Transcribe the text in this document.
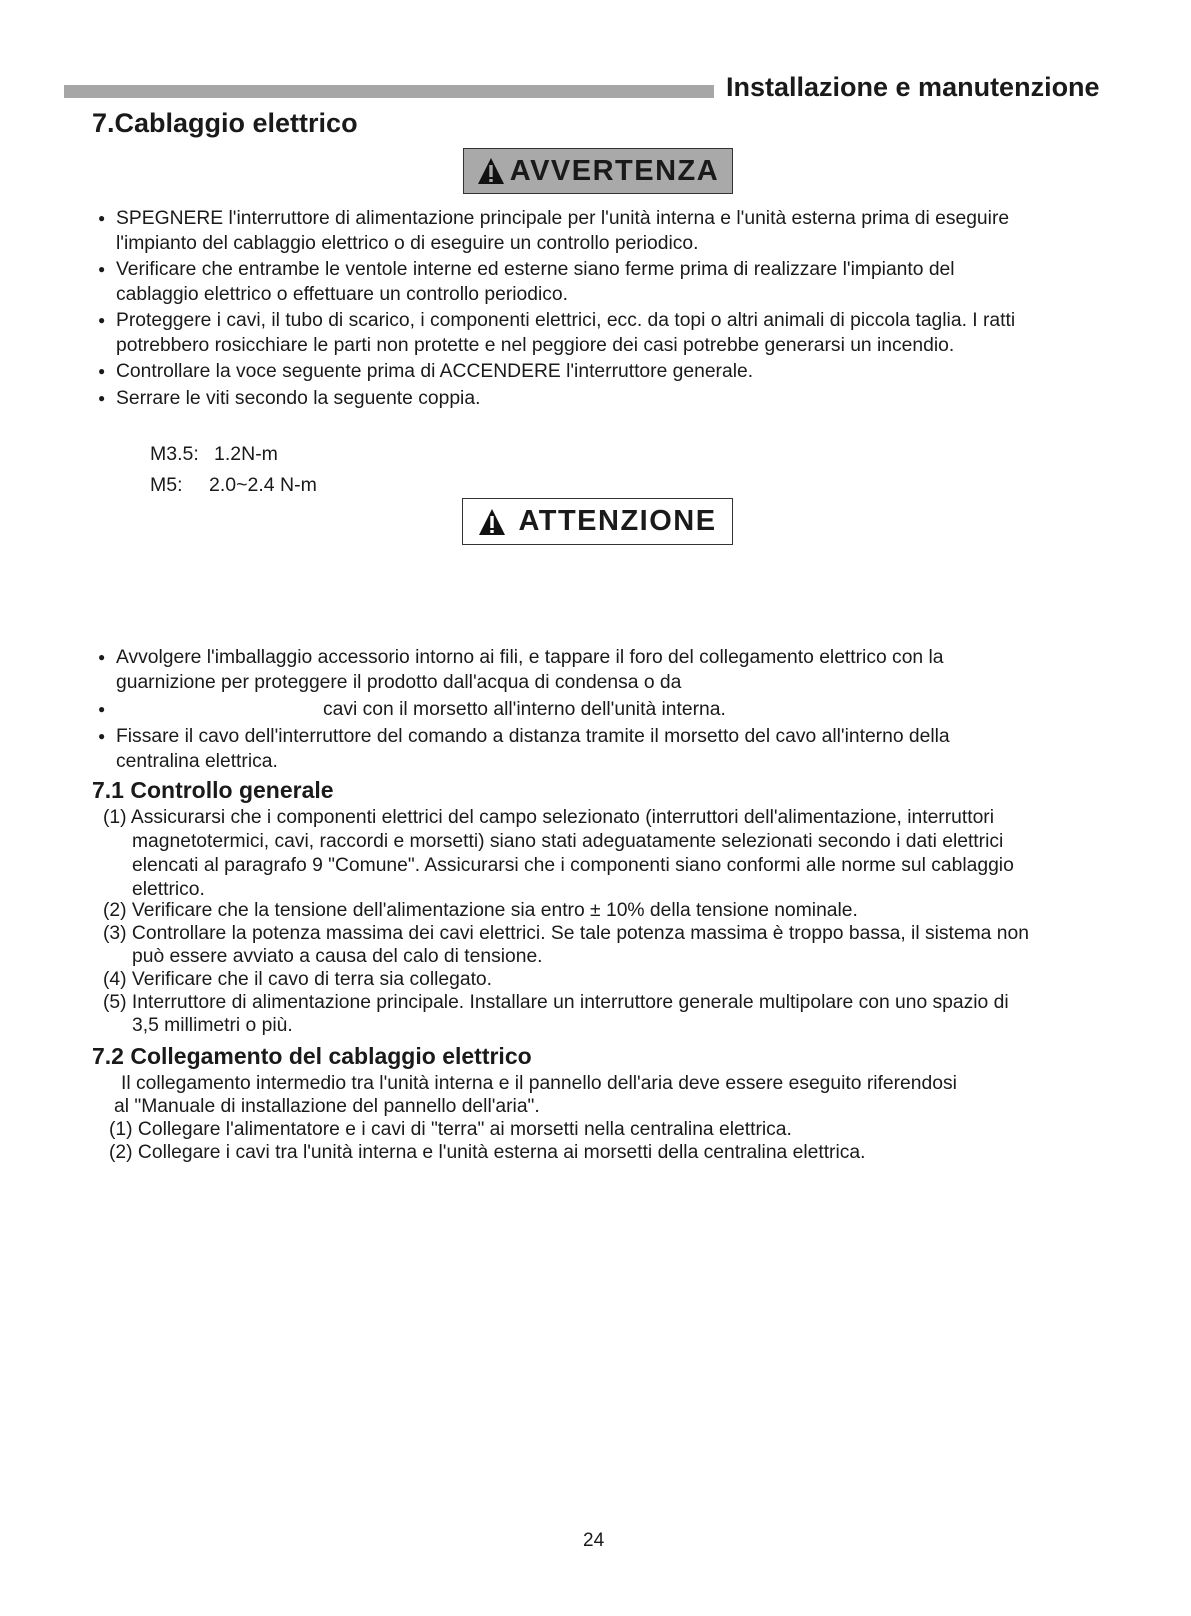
Installazione e manutenzione
7.Cablaggio elettrico
AVVERTENZA
● SPEGNERE l'interruttore di alimentazione principale per l'unità interna e l'unità esterna prima di eseguire
l'impianto del cablaggio elettrico o di eseguire un controllo periodico.
● Verificare che entrambe le ventole interne ed esterne siano ferme prima di realizzare l'impianto del
cablaggio elettrico o effettuare un controllo periodico.
● Proteggere i cavi, il tubo di scarico, i componenti elettrici, ecc. da topi o altri animali di piccola taglia. I ratti
potrebbero rosicchiare le parti non protette e nel peggiore dei casi potrebbe generarsi un incendio.
● Controllare la voce seguente prima di ACCENDERE l'interruttore generale.
● Serrare le viti secondo la seguente coppia.
M3.5: 1.2N-m
M5: 2.0~2.4 N-m
ATTENZIONE
● Avvolgere l'imballaggio accessorio intorno ai fili, e tappare il foro del collegamento elettrico con la
guarnizione per proteggere il prodotto dall'acqua di condensa o da
● cavi con il morsetto all'interno dell'unità interna.
● Fissare il cavo dell'interruttore del comando a distanza tramite il morsetto del cavo all'interno della
centralina elettrica.
7.1 Controllo generale
(1) Assicurarsi che i componenti elettrici del campo selezionato (interruttori dell'alimentazione, interruttori
magnetotermici, cavi, raccordi e morsetti) siano stati adeguatamente selezionati secondo i dati elettrici
elencati al paragrafo 9 "Comune". Assicurarsi che i componenti siano conformi alle norme sul cablaggio
elettrico.
(2) Verificare che la tensione dell'alimentazione sia entro ± 10% della tensione nominale.
(3) Controllare la potenza massima dei cavi elettrici. Se tale potenza massima è troppo bassa, il sistema non
può essere avviato a causa del calo di tensione.
(4) Verificare che il cavo di terra sia collegato.
(5) Interruttore di alimentazione principale. Installare un interruttore generale multipolare con uno spazio di
3,5 millimetri o più.
7.2 Collegamento del cablaggio elettrico
Il collegamento intermedio tra l'unità interna e il pannello dell'aria deve essere eseguito riferendosi
al "Manuale di installazione del pannello dell'aria".
(1) Collegare l'alimentatore e i cavi di "terra" ai morsetti nella centralina elettrica.
(2) Collegare i cavi tra l'unità interna e l'unità esterna ai morsetti della centralina elettrica.
24
